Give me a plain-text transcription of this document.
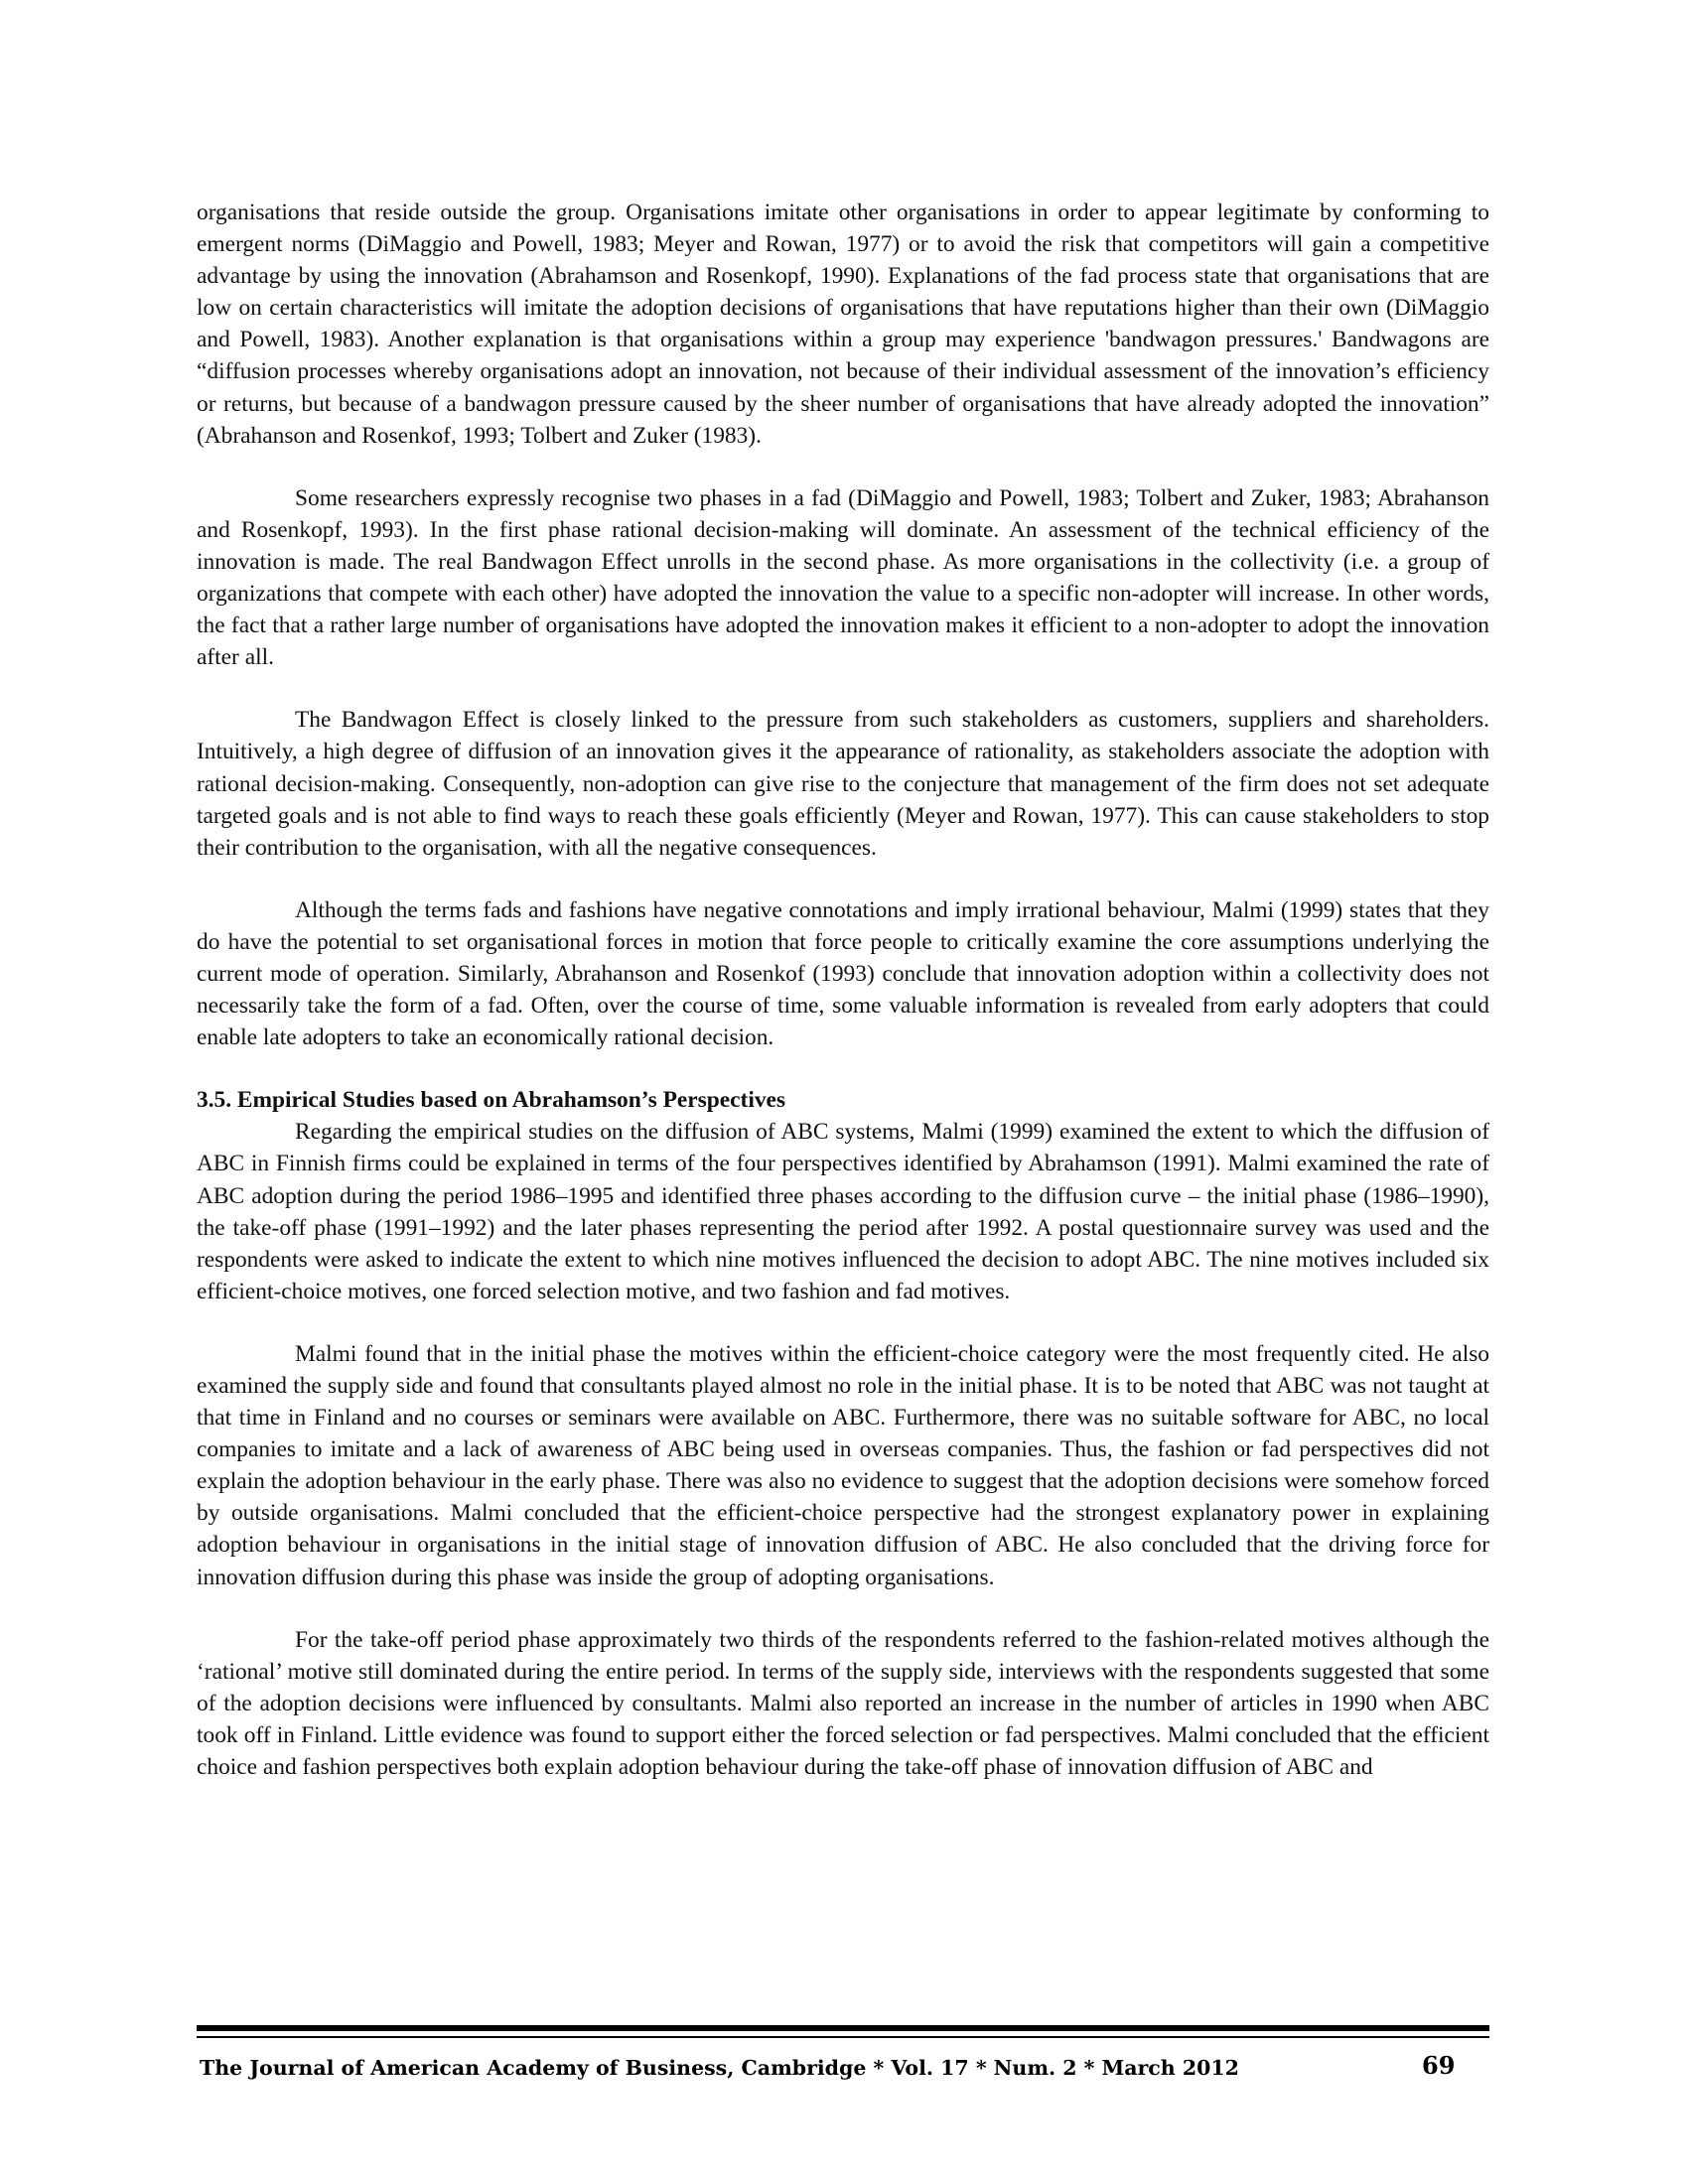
organisations that reside outside the group. Organisations imitate other organisations in order to appear legitimate by conforming to emergent norms (DiMaggio and Powell, 1983; Meyer and Rowan, 1977) or to avoid the risk that competitors will gain a competitive advantage by using the innovation (Abrahamson and Rosenkopf, 1990). Explanations of the fad process state that organisations that are low on certain characteristics will imitate the adoption decisions of organisations that have reputations higher than their own (DiMaggio and Powell, 1983). Another explanation is that organisations within a group may experience 'bandwagon pressures.' Bandwagons are “diffusion processes whereby organisations adopt an innovation, not because of their individual assessment of the innovation’s efficiency or returns, but because of a bandwagon pressure caused by the sheer number of organisations that have already adopted the innovation” (Abrahanson and Rosenkof, 1993; Tolbert and Zuker (1983).

Some researchers expressly recognise two phases in a fad (DiMaggio and Powell, 1983; Tolbert and Zuker, 1983; Abrahanson and Rosenkopf, 1993). In the first phase rational decision-making will dominate. An assessment of the technical efficiency of the innovation is made. The real Bandwagon Effect unrolls in the second phase. As more organisations in the collectivity (i.e. a group of organizations that compete with each other) have adopted the innovation the value to a specific non-adopter will increase. In other words, the fact that a rather large number of organisations have adopted the innovation makes it efficient to a non-adopter to adopt the innovation after all.

The Bandwagon Effect is closely linked to the pressure from such stakeholders as customers, suppliers and shareholders. Intuitively, a high degree of diffusion of an innovation gives it the appearance of rationality, as stakeholders associate the adoption with rational decision-making. Consequently, non-adoption can give rise to the conjecture that management of the firm does not set adequate targeted goals and is not able to find ways to reach these goals efficiently (Meyer and Rowan, 1977). This can cause stakeholders to stop their contribution to the organisation, with all the negative consequences.

Although the terms fads and fashions have negative connotations and imply irrational behaviour, Malmi (1999) states that they do have the potential to set organisational forces in motion that force people to critically examine the core assumptions underlying the current mode of operation. Similarly, Abrahanson and Rosenkof (1993) conclude that innovation adoption within a collectivity does not necessarily take the form of a fad. Often, over the course of time, some valuable information is revealed from early adopters that could enable late adopters to take an economically rational decision.

3.5. Empirical Studies based on Abrahamson’s Perspectives

Regarding the empirical studies on the diffusion of ABC systems, Malmi (1999) examined the extent to which the diffusion of ABC in Finnish firms could be explained in terms of the four perspectives identified by Abrahamson (1991). Malmi examined the rate of ABC adoption during the period 1986–1995 and identified three phases according to the diffusion curve – the initial phase (1986–1990), the take-off phase (1991–1992) and the later phases representing the period after 1992. A postal questionnaire survey was used and the respondents were asked to indicate the extent to which nine motives influenced the decision to adopt ABC. The nine motives included six efficient-choice motives, one forced selection motive, and two fashion and fad motives.

Malmi found that in the initial phase the motives within the efficient-choice category were the most frequently cited. He also examined the supply side and found that consultants played almost no role in the initial phase. It is to be noted that ABC was not taught at that time in Finland and no courses or seminars were available on ABC. Furthermore, there was no suitable software for ABC, no local companies to imitate and a lack of awareness of ABC being used in overseas companies. Thus, the fashion or fad perspectives did not explain the adoption behaviour in the early phase. There was also no evidence to suggest that the adoption decisions were somehow forced by outside organisations. Malmi concluded that the efficient-choice perspective had the strongest explanatory power in explaining adoption behaviour in organisations in the initial stage of innovation diffusion of ABC. He also concluded that the driving force for innovation diffusion during this phase was inside the group of adopting organisations.

For the take-off period phase approximately two thirds of the respondents referred to the fashion-related motives although the ‘rational’ motive still dominated during the entire period. In terms of the supply side, interviews with the respondents suggested that some of the adoption decisions were influenced by consultants. Malmi also reported an increase in the number of articles in 1990 when ABC took off in Finland. Little evidence was found to support either the forced selection or fad perspectives. Malmi concluded that the efficient choice and fashion perspectives both explain adoption behaviour during the take-off phase of innovation diffusion of ABC and

The Journal of American Academy of Business, Cambridge * Vol. 17 * Num. 2 * March 2012	69
